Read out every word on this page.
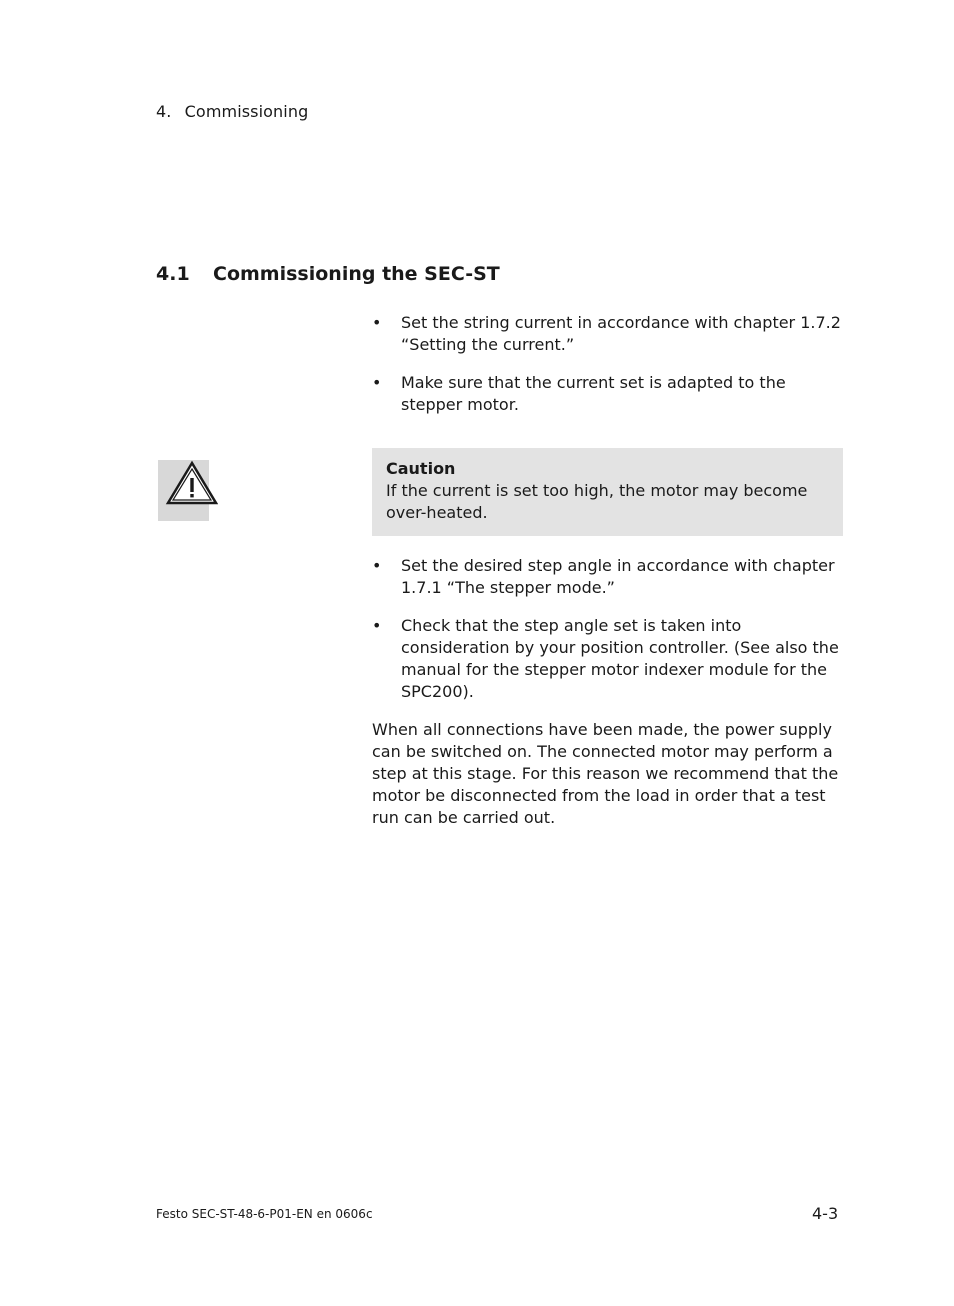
4. Commissioning
4.1	Commissioning the SEC-ST
• Set the string current in accordance with chapter 1.7.2 “Setting the current.”
• Make sure that the current set is adapted to the stepper motor.
Caution
If the current is set too high, the motor may become over-heated.
• Set the desired step angle in accordance with chapter 1.7.1 “The stepper mode.”
• Check that the step angle set is taken into consideration by your position controller. (See also the manual for the stepper motor indexer module for the SPC200).

When all connections have been made, the power supply can be switched on. The connected motor may perform a step at this stage. For this reason we recommend that the motor be disconnected from the load in order that a test run can be carried out.

Festo SEC-ST-48-6-P01-EN en 0606c	4-3
